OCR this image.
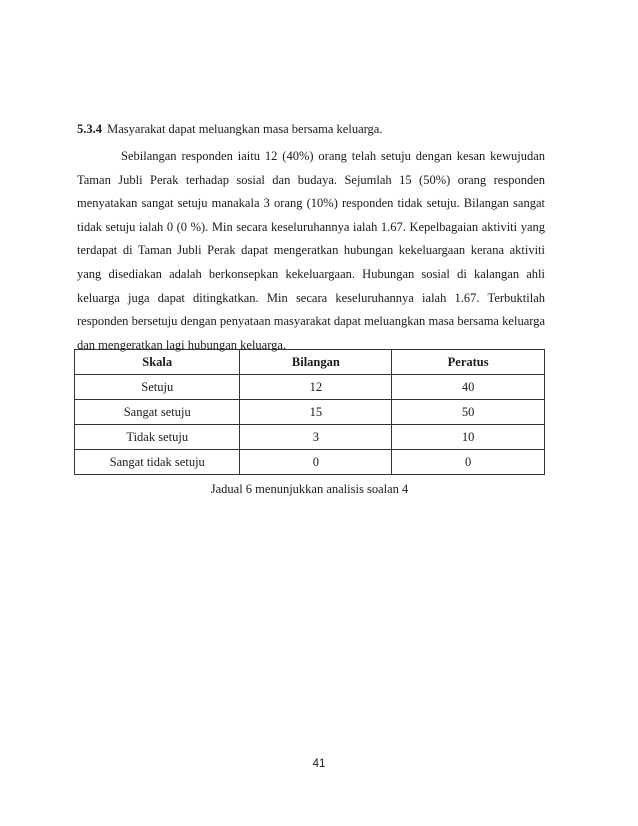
5.3.4 Masyarakat dapat meluangkan masa bersama keluarga.

Sebilangan responden iaitu 12 (40%) orang telah setuju dengan kesan kewujudan Taman Jubli Perak terhadap sosial dan budaya. Sejumlah 15 (50%) orang responden menyatakan sangat setuju manakala 3 orang (10%) responden tidak setuju. Bilangan sangat tidak setuju ialah 0 (0 %). Min secara keseluruhannya ialah 1.67. Kepelbagaian aktiviti yang terdapat di Taman Jubli Perak dapat mengeratkan hubungan kekeluargaan kerana aktiviti yang disediakan adalah berkonsepkan kekeluargaan. Hubungan sosial di kalangan ahli keluarga juga dapat ditingkatkan. Min secara keseluruhannya ialah 1.67. Terbuktilah responden bersetuju dengan penyataan masyarakat dapat meluangkan masa bersama keluarga dan mengeratkan lagi hubungan keluarga.

Skala	Bilangan	Peratus
Setuju	12	40
Sangat setuju	15	50
Tidak setuju	3	10
Sangat tidak setuju	0	0
Jadual 6 menunjukkan analisis soalan 4
41
